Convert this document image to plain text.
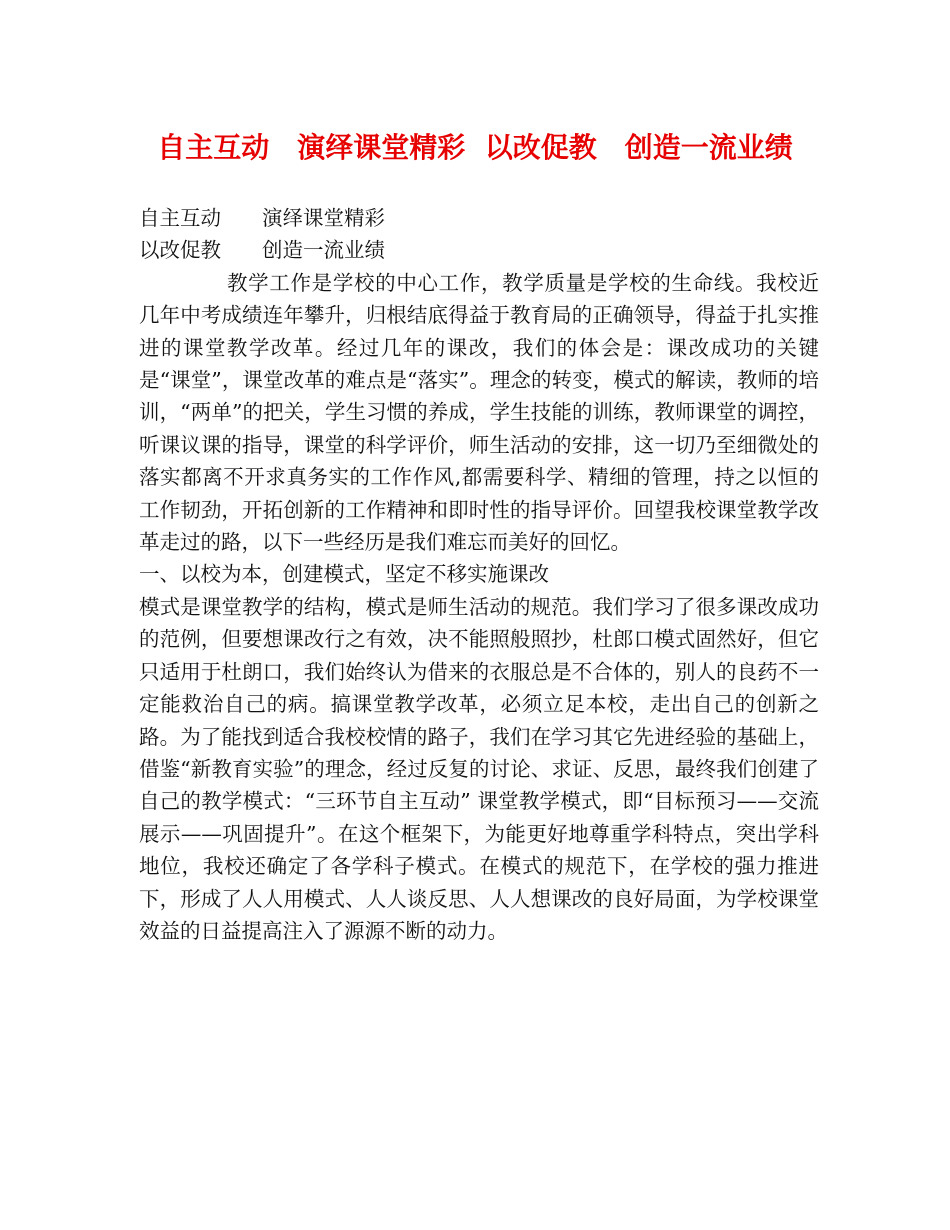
自主互动　演绎课堂精彩  以改促教　创造一流业绩

自主互动　　演绎课堂精彩

以改促教　　创造一流业绩

教学工作是学校的中心工作，教学质量是学校的生命线。我校近几年中考成绩连年攀升，归根结底得益于教育局的正确领导，得益于扎实推进的课堂教学改革。经过几年的课改，我们的体会是：课改成功的关键是“课堂”，课堂改革的难点是“落实”。理念的转变，模式的解读，教师的培训，“两单”的把关，学生习惯的养成，学生技能的训练，教师课堂的调控，听课议课的指导，课堂的科学评价，师生活动的安排，这一切乃至细微处的落实都离不开求真务实的工作作风,都需要科学、精细的管理，持之以恒的工作韧劲，开拓创新的工作精神和即时性的指导评价。回望我校课堂教学改革走过的路，以下一些经历是我们难忘而美好的回忆。

一、以校为本，创建模式，坚定不移实施课改

模式是课堂教学的结构，模式是师生活动的规范。我们学习了很多课改成功的范例，但要想课改行之有效，决不能照般照抄，杜郎口模式固然好，但它只适用于杜朗口，我们始终认为借来的衣服总是不合体的，别人的良药不一定能救治自己的病。搞课堂教学改革，必须立足本校，走出自己的创新之路。为了能找到适合我校校情的路子，我们在学习其它先进经验的基础上，借鉴“新教育实验”的理念，经过反复的讨论、求证、反思，最终我们创建了自己的教学模式：“三环节自主互动” 课堂教学模式，即“目标预习——交流展示——巩固提升”。在这个框架下，为能更好地尊重学科特点，突出学科地位，我校还确定了各学科子模式。在模式的规范下，在学校的强力推进下，形成了人人用模式、人人谈反思、人人想课改的良好局面，为学校课堂效益的日益提高注入了源源不断的动力。
